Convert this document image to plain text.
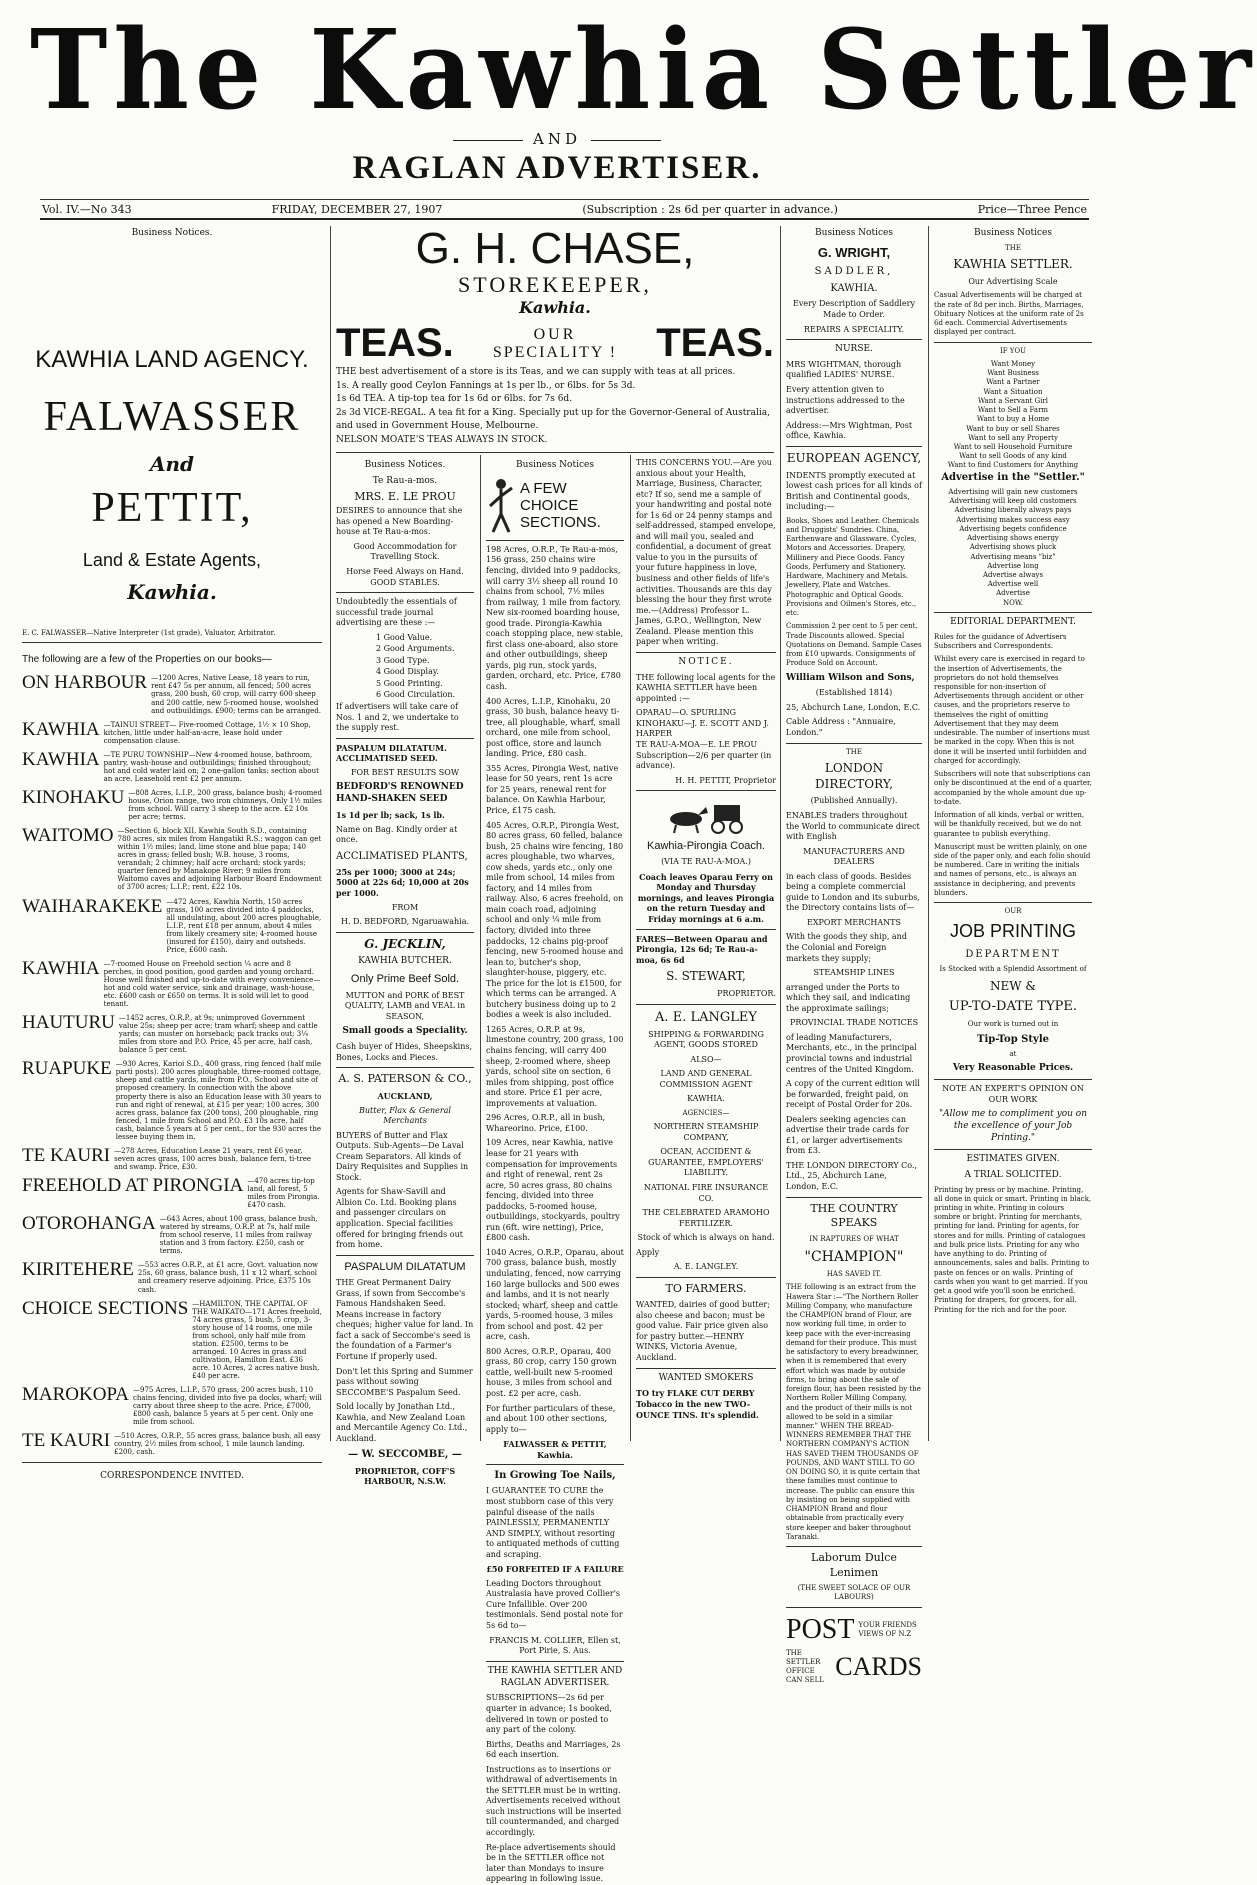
The Kawhia Settler
AND
RAGLAN ADVERTISER.
Vol. IV.—No 343	FRIDAY, DECEMBER 27, 1907	(Subscription : 2s 6d per quarter in advance.)	Price—Three Pence
Business Notices.
KAWHIA LAND AGENCY.
FALWASSER
And
PETTIT,
Land & Estate Agents,
Kawhia.
E. C. FALWASSER—Native Interpreter (1st grade), Valuator, Arbitrator.
The following are a few of the Properties on our books—
ON HARBOUR —1200 Acres, Native Lease, 18 years to run, rent £47 5s per annum, all fenced; 500 acres grass, 200 bush, 60 crop, will carry 600 sheep and 200 cattle, new 5-roomed house, woolshed and outbuildings. £900; terms can be arranged.
KAWHIA —TAINUI STREET— Five-roomed Cottage, 1½ × 10 Shop, kitchen, little under half-an-acre, lease hold under compensation clause.
KAWHIA —TE PURU TOWNSHIP—New 4-roomed house, bathroom, pantry, wash-house and outbuildings; finished throughout; hot and cold water laid on; 2 one-gallon tanks; section about an acre. Leasehold rent £2 per annum.
KINOHAKU —808 Acres, L.I.P., 200 grass, balance bush; 4-roomed house, Orion range, two iron chimneys. Only 1½ miles from school. Will carry 3 sheep to the acre. £2 10s per acre; terms.
WAITOMO —Section 6, block XII, Kawhia South S.D., containing 780 acres, six miles from Hangatiki R.S.; waggon can get within 1½ miles; land, lime stone and blue papa; 140 acres in grass; felled bush; W.B. house, 3 rooms, verandah; 2 chimney; half acre orchard; stock yards; quarter fenced by Manakope River; 9 miles from Waitomo caves and adjoining Harbour Board Endowment of 3700 acres; L.I.P.; rent, £22 10s.
WAIHARAKEKE —472 Acres, Kawhia North, 150 acres grass, 100 acres divided into 4 paddocks, all undulating, about 200 acres ploughable, L.I.P., rent £18 per annum, about 4 miles from likely creamery site; 4-roomed house (insured for £150), dairy and outsheds. Price, £600 cash.
KAWHIA —7-roomed House on Freehold section ¼ acre and 8 perches, in good position, good garden and young orchard. House well finished and up-to-date with every convenience—hot and cold water service, sink and drainage, wash-house, etc. £600 cash or £650 on terms. It is sold will let to good tenant.
HAUTURU —1452 acres, O.R.P., at 9s; unimproved Government value 25s; sheep per acre; tram wharf; sheep and cattle yards; can muster on horseback; pack tracks out; 3¼ miles from store and P.O. Price, 45 per acre, half cash, balance 5 per cent.
RUAPUKE —930 Acres, Karioi S.D., 400 grass, ring fenced (half mile parti posts). 200 acres ploughable, three-roomed cottage, sheep and cattle yards, mile from P.O., School and site of proposed creamery. In connection with the above property there is also an Education lease with 30 years to run and right of renewal, at £15 per year; 100 acres, 300 acres grass, balance fax (200 tons), 200 ploughable, ring fenced, 1 mile from School and P.O. £3 10s acre, half cash, balance 5 years at 5 per cent., for the 930 acres the lessee buying them in.
TE KAURI —278 Acres, Education Lease 21 years, rent £6 year, seven acres grass, 100 acres bush, balance fern, ti-tree and swamp. Price, £30.
FREEHOLD AT PIRONGIA —470 acres tip-top land, all forest, 5 miles from Pirongia. £470 cash.
OTOROHANGA —643 Acres, about 100 grass, balance bush, watered by streams, O.R.P. at 7s, half mile from school reserve, 11 miles from railway station and 3 from factory. £250, cash or terms.
KIRITEHERE —553 acres O.R.P., at £1 acre, Govt. valuation now 25s, 60 grass, balance bush, 11 x 12 wharf, school and creamery reserve adjoining. Price, £375 10s cash.
CHOICE SECTIONS —HAMILTON, THE CAPITAL OF THE WAIKATO—171 Acres freehold, 74 acres grass, 5 bush, 5 crop, 3-story house of 14 rooms, one mile from school, only half mile from station. £2500, terms to be arranged. 10 Acres in grass and cultivation, Hamilton East. £36 acre. 10 Acres, 2 acres native bush, £40 per acre.
MAROKOPA —975 Acres, L.I.P., 570 grass, 200 acres bush, 110 chains fencing, divided into five pa docks, wharf; will carry about three sheep to the acre. Price, £7000, £800 cash, balance 5 years at 5 per cent. Only one mile from school.
TE KAURI —510 Acres, O.R.P., 55 acres grass, balance bush, all easy country, 2½ miles from school, 1 mile launch landing. £200, cash.
CORRESPONDENCE INVITED.
G. H. CHASE,
STOREKEEPER,
Kawhia.
TEAS.	OUR
SPECIALITY ! TEAS.
THE best advertisement of a store is its Teas, and we can supply with teas at all prices.
1s. A really good Ceylon Fannings at 1s per lb., or 6lbs. for 5s 3d.
1s 6d TEA. A tip-top tea for 1s 6d or 6lbs. for 7s 6d.
2s 3d VICE-REGAL. A tea fit for a King. Specially put up for the Governor-General of Australia, and used in Government House, Melbourne.
NELSON MOATE'S TEAS ALWAYS IN STOCK.
Business Notices.
Te Rau-a-mos.
MRS. E. LE PROU

DESIRES to announce that she has opened a New Boarding-house at Te Rau-a-mos.

Good Accommodation for Travelling Stock.

Horse Feed Always on Hand. GOOD STABLES.

Undoubtedly the essentials of successful trade journal advertising are these :—

1 Good Value.
2 Good Arguments.
3 Good Type.
4 Good Display.
5 Good Printing.
6 Good Circulation.

If advertisers will take care of Nos. 1 and 2, we undertake to the supply rest.

PASPALUM DILATATUM. ACCLIMATISED SEED.

FOR BEST RESULTS SOW

BEDFORD'S RENOWNED HAND-SHAKEN SEED

1s 1d per lb; sack, 1s lb.

Name on Bag. Kindly order at once.

ACCLIMATISED PLANTS,

25s per 1000; 3000 at 24s; 5000 at 22s 6d; 10,000 at 20s per 1000.

FROM

H. D. BEDFORD, Ngaruawahia.

G. JECKLIN,

KAWHIA BUTCHER.

Only Prime Beef Sold.

MUTTON and PORK of BEST QUALITY, LAMB and VEAL in SEASON,

Small goods a Speciality.

Cash buyer of Hides, Sheepskins, Bones, Locks and Pieces.

A. S. PATERSON & CO.,

AUCKLAND,

Butter, Flax & General Merchants

BUYERS of Butter and Flax Outputs. Sub-Agents—De Laval Cream Separators. All kinds of Dairy Requisites and Supplies in Stock.

Agents for Shaw-Savill and Albion Co. Ltd. Booking plans and passenger circulars on application. Special facilities offered for bringing friends out from home.

PASPALUM DILATATUM

THE Great Permanent Dairy Grass, if sown from Seccombe's Famous Handshaken Seed. Means increase in factory cheques; higher value for land. In fact a sack of Seccombe's seed is the foundation of a Farmer's Fortune if properly used.

Don't let this Spring and Summer pass without sowing SECCOMBE'S Paspalum Seed.

Sold locally by Jonathan Ltd., Kawhia, and New Zealand Loan and Mercantile Agency Co. Ltd., Auckland.

— W. SECCOMBE, —

PROPRIETOR, COFF'S HARBOUR, N.S.W.

Business Notices
A FEW CHOICE SECTIONS.

198 Acres, O.R.P., Te Rau-a-mos, 156 grass, 250 chains wire fencing, divided into 9 paddocks, will carry 3½ sheep all round 10 chains from school, 7½ miles from railway, 1 mile from factory. New six-roomed boarding house, good trade. Pirongia-Kawhia coach stopping place, new stable, first class one-aboard, also store and other outbuildings, sheep yards, pig run, stock yards, garden, orchard, etc. Price, £780 cash.

400 Acres, L.I.P., Kinohaku, 20 grass, 30 bush, balance heavy ti-tree, all ploughable, wharf, small orchard, one mile from school, post office, store and launch landing. Price, £80 cash.

355 Acres, Pirongia West, native lease for 50 years, rent 1s acre for 25 years, renewal rent for balance. On Kawhia Harbour, Price, £175 cash.

405 Acres, O.R.P., Pirongia West, 80 acres grass, 60 felled, balance bush, 25 chains wire fencing, 180 acres ploughable, two wharves, cow sheds, yards etc., only one mile from school, 14 miles from factory, and 14 miles from railway. Also, 6 acres freehold, on main coach road, adjoining school and only ¼ mile from factory, divided into three paddocks, 12 chains pig-proof fencing, new 5-roomed house and lean to, butcher's shop, slaughter-house, piggery, etc. The price for the lot is £1500, for which terms can be arranged. A butchery business doing up to 2 bodies a week is also included.

1265 Acres, O.R.P. at 9s, limestone country, 200 grass, 100 chains fencing, will carry 400 sheep, 2-roomed where, sheep yards, school site on section, 6 miles from shipping, post office and store. Price £1 per acre, improvements at valuation.

296 Acres, O.R.P., all in bush, Whareorino. Price, £100.

109 Acres, near Kawhia, native lease for 21 years with compensation for improvements and right of renewal, rent 2s acre, 50 acres grass, 80 chains fencing, divided into three paddocks, 5-roomed house, outbuildings, stockyards, poultry run (6ft. wire netting), Price, £800 cash.

1040 Acres, O.R.P., Oparau, about 700 grass, balance bush, mostly undulating, fenced, now carrying 160 large bullocks and 500 ewes and lambs, and it is not nearly stocked; wharf, sheep and cattle yards, 5-roomed house, 3 miles from school and post. 42 per acre, cash.

800 Acres, O.R.P., Oparau, 400 grass, 80 crop, carry 150 grown cattle, well-built new 5-roomed house, 3 miles from school and post. £2 per acre, cash.

For further particulars of these, and about 100 other sections, apply to—

FALWASSER & PETTIT, Kawhia.

In Growing Toe Nails,

I GUARANTEE TO CURE the most stubborn case of this very painful disease of the nails PAINLESSLY, PERMANENTLY AND SIMPLY, without resorting to antiquated methods of cutting and scraping.

£50 FORFEITED IF A FAILURE

Leading Doctors throughout Australasia have proved Collier's Cure Infallible. Over 200 testimonials. Send postal note for 5s 6d to—

FRANCIS M. COLLIER, Ellen st, Port Pirie, S. Aus.

THE KAWHIA SETTLER AND RAGLAN ADVERTISER.

SUBSCRIPTIONS—2s 6d per quarter in advance; 1s booked, delivered in town or posted to any part of the colony.

Births, Deaths and Marriages, 2s 6d each insertion.

Instructions as to insertions or withdrawal of advertisements in the SETTLER must be in writing. Advertisements received without such instructions will be inserted till countermanded, and charged accordingly.

Re-place advertisements should be in the SETTLER office not later than Mondays to insure appearing in following issue.

THIS CONCERNS YOU.—Are you anxious about your Health, Marriage, Business, Character, etc? If so, send me a sample of your handwriting and postal note for 1s 6d or 24 penny stamps and self-addressed, stamped envelope, and will mail you, sealed and confidential, a document of great value to you in the pursuits of your future happiness in love, business and other fields of life's activities. Thousands are this day blessing the hour they first wrote me.—(Address) Professor L. James, G.P.O., Wellington, New Zealand. Please mention this paper when writing.

NOTICE.

THE following local agents for the KAWHIA SETTLER have been appointed :—

OPARAU—O. SPURLING
KINOHAKU—J. E. SCOTT AND J. HARPER
TE RAU-A-MOA—E. LE PROU

Subscription—2/6 per quarter (in advance).

H. H. PETTIT, Proprietor

Kawhia-Pirongia Coach.

(VIA TE RAU-A-MOA.)

Coach leaves Oparau Ferry on Monday and Thursday mornings, and leaves Pirongia on the return Tuesday and Friday mornings at 6 a.m.

FARES—Between Oparau and Pirongia, 12s 6d; Te Rau-a-moa, 6s 6d

S. STEWART,

PROPRIETOR.

A. E. LANGLEY

SHIPPING & FORWARDING AGENT, GOODS STORED

ALSO—

LAND AND GENERAL COMMISSION AGENT

KAWHIA.

AGENCIES—

NORTHERN STEAMSHIP COMPANY,

OCEAN, ACCIDENT & GUARANTEE, EMPLOYERS' LIABILITY.

NATIONAL FIRE INSURANCE CO.

THE CELEBRATED ARAMOHO FERTILIZER.

Stock of which is always on hand.

Apply

A. E. LANGLEY.

TO FARMERS.

WANTED, dairies of good butter; also cheese and bacon; must be good value. Fair price given also for pastry butter.—HENRY WINKS, Victoria Avenue, Auckland.

WANTED SMOKERS

TO try FLAKE CUT DERBY Tobacco in the new TWO-OUNCE TINS. It's splendid.

Business Notices

G. WRIGHT,

SADDLER,

KAWHIA.

Every Description of Saddlery Made to Order.

REPAIRS A SPECIALITY.

NURSE.

MRS WIGHTMAN, thorough qualified LADIES' NURSE.

Every attention given to instructions addressed to the advertiser.

Address:—Mrs Wightman, Post office, Kawhia.

EUROPEAN AGENCY,

INDENTS promptly executed at lowest cash prices for all kinds of British and Continental goods, including:—

Books, Shoes and Leather. Chemicals and Druggists' Sundries. China, Earthenware and Glassware. Cycles, Motors and Accessories. Drapery, Millinery and Piece Goods. Fancy Goods, Perfumery and Stationery. Hardware, Machinery and Metals. Jewellery, Plate and Watches. Photographic and Optical Goods. Provisions and Oilmen's Stores, etc., etc.

Commission 2 per cent to 5 per cent. Trade Discounts allowed. Special Quotations on Demand. Sample Cases from £10 upwards. Consignments of Produce Sold on Account.

William Wilson and Sons,

(Established 1814)

25, Abchurch Lane, London, E.C.

Cable Address : "Annuaire, London."

THE

LONDON DIRECTORY,

(Published Annually).

ENABLES traders throughout the World to communicate direct with English

MANUFACTURERS AND DEALERS

in each class of goods. Besides being a complete commercial guide to London and its suburbs, the Directory contains lists of—

EXPORT MERCHANTS

With the goods they ship, and the Colonial and Foreign markets they supply;

STEAMSHIP LINES

arranged under the Ports to which they sail, and indicating the approximate sailings;

PROVINCIAL TRADE NOTICES

of leading Manufacturers, Merchants, etc., in the principal provincial towns and industrial centres of the United Kingdom.

A copy of the current edition will be forwarded, freight paid, on receipt of Postal Order for 20s.

Dealers seeking agencies can advertise their trade cards for £1, or larger advertisements from £3.

THE LONDON DIRECTORY Co., Ltd., 25, Abchurch Lane, London, E.C.

THE COUNTRY SPEAKS

IN RAPTURES OF WHAT

"CHAMPION"

HAS SAVED IT.

THE following is an extract from the Hawera Star :—"The Northern Roller Milling Company, who manufacture the CHAMPION brand of Flour, are now working full time, in order to keep pace with the ever-increasing demand for their produce. This must be satisfactory to every breadwinner, when it is remembered that every effort which was made by outside firms, to bring about the sale of foreign flour, has been resisted by the Northern Roller Milling Company, and the product of their mills is not allowed to be sold in a similar manner." WHEN THE BREAD-WINNERS REMEMBER THAT THE NORTHERN COMPANY'S ACTION HAS SAVED THEM THOUSANDS OF POUNDS, AND WANT STILL TO GO ON DOING SO, it is quite certain that these families must continue to increase. The public can ensure this by insisting on being supplied with CHAMPION Brand and flour obtainable from practically every store keeper and baker throughout Taranaki.

Laborum Dulce Lenimen

(THE SWEET SOLACE OF OUR LABOURS)

POST YOUR FRIENDS VIEWS OF N.Z
THE SETTLER OFFICE CAN SELL CARDS
Business Notices

THE

KAWHIA SETTLER.

Our Advertising Scale

Casual Advertisements will be charged at the rate of 8d per inch. Births, Marriages, Obituary Notices at the uniform rate of 2s 6d each. Commercial Advertisements displayed per contract.

IF YOU

Want Money
Want Business
Want a Partner
Want a Situation
Want a Servant Girl
Want to Sell a Farm
Want to buy a Home
Want to buy or sell Shares
Want to sell any Property
Want to sell Household Furniture
Want to sell Goods of any kind
Want to find Customers for Anything

Advertise in the "Settler."

Advertising will gain new customers
Advertising will keep old customers
Advertising liberally always pays
Advertising makes success easy
Advertising begets confidence
Advertising shows energy
Advertising shows pluck
Advertising means "biz"
Advertise long
Advertise always
Advertise well
Advertise
NOW.

EDITORIAL DEPARTMENT.

Rules for the guidance of Advertisers Subscribers and Correspondents.

Whilst every care is exercised in regard to the insertion of Advertisements, the proprietors do not hold themselves responsible for non-insertion of Advertisements through accident or other causes, and the proprietors reserve to themselves the right of omitting Advertisement that they may deem undesirable. The number of insertions must be marked in the copy. When this is not done it will be inserted until forbidden and charged for accordingly.

Subscribers will note that subscriptions can only be discontinued at the end of a quarter, accompanied by the whole amount due up-to-date.

Information of all kinds, verbal or written, will be thankfully received, but we do not guarantee to publish everything.

Manuscript must be written plainly, on one side of the paper only, and each folio should be numbered. Care in writing the initials and names of persons, etc., is always an assistance in deciphering, and prevents blunders.

OUR

JOB PRINTING

DEPARTMENT

Is Stocked with a Splendid Assortment of

NEW &

UP-TO-DATE TYPE.

Our work is turned out in

Tip-Top Style

at

Very Reasonable Prices.

NOTE AN EXPERT'S OPINION ON OUR WORK

"Allow me to compliment you on the excellence of your Job Printing."

ESTIMATES GIVEN.

A TRIAL SOLICITED.

Printing by press or by machine. Printing, all done in quick or smart. Printing in black, printing in white. Printing in colours sombre or bright. Printing for merchants, printing for land. Printing for agents, for stores and for mills. Printing of catalogues and bulk price lists. Printing for any who have anything to do. Printing of announcements, sales and balls. Printing to paste on fences or on walls. Printing of cards when you want to get married. If you get a good wife you'll soon be enriched. Printing for drapers, for grocers, for all. Printing for the rich and for the poor.
